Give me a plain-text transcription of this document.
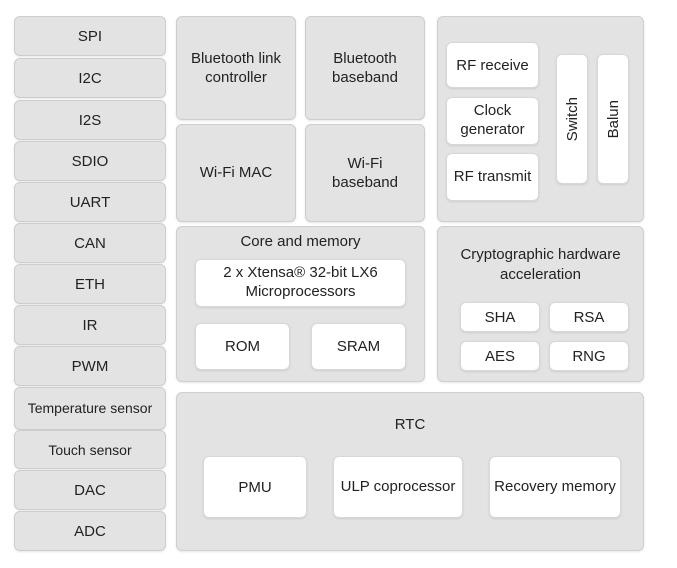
SPI
I2C
I2S
SDIO
UART
CAN
ETH
IR
PWM
Temperature sensor
Touch sensor
DAC
ADC
Bluetooth link controller
Bluetooth baseband
Wi-Fi MAC
Wi-Fi baseband
RF receive
Clock generator
RF transmit
Switch Balun
Core and memory
2 x Xtensa® 32-bit LX6 Microprocessors
ROM	SRAM
Cryptographic hardware acceleration
SHA	RSA
AES	RNG
RTC
PMU	ULP coprocessor	Recovery memory
